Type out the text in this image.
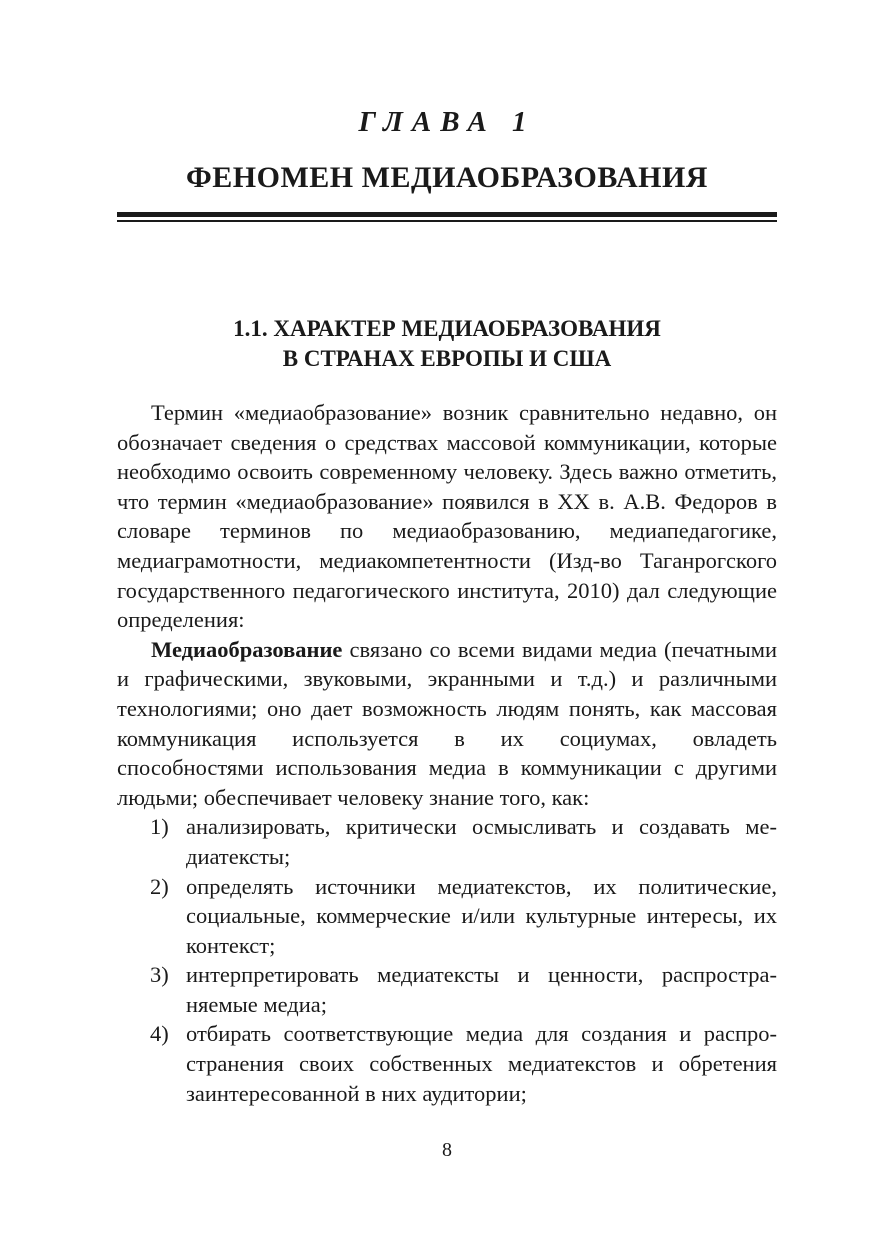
ГЛАВА 1
ФЕНОМЕН МЕДИАОБРАЗОВАНИЯ
1.1. ХАРАКТЕР МЕДИАОБРАЗОВАНИЯ
В СТРАНАХ ЕВРОПЫ И США

Термин «медиаобразование» возник сравнительно недавно, он обозначает сведения о средствах массовой коммуникации, которые необходимо освоить современному человеку. Здесь важно отметить, что термин «медиаобразование» появился в XX в. А.В. Федоров в словаре терминов по медиаобразованию, медиапедагогике, медиаграмотности, медиакомпетентности (Изд-во Таганрогского государственного педагогического института, 2010) дал следующие определения:

Медиаобразование связано со всеми видами медиа (печатными и графическими, звуковыми, экранными и т.д.) и различными технологиями; оно дает возможность людям понять, как массовая коммуникация используется в их социумах, овладеть способностями использования медиа в коммуникации с другими людьми; обеспечивает человеку знание того, как:

1) анализировать, критически осмысливать и создавать медиатексты;
2) определять источники медиатекстов, их политические, социальные, коммерческие и/или культурные интересы, их контекст;
3) интерпретировать медиатексты и ценности, распространяемые медиа;
4) отбирать соответствующие медиа для создания и распространения своих собственных медиатекстов и обретения заинтересованной в них аудитории;
8
